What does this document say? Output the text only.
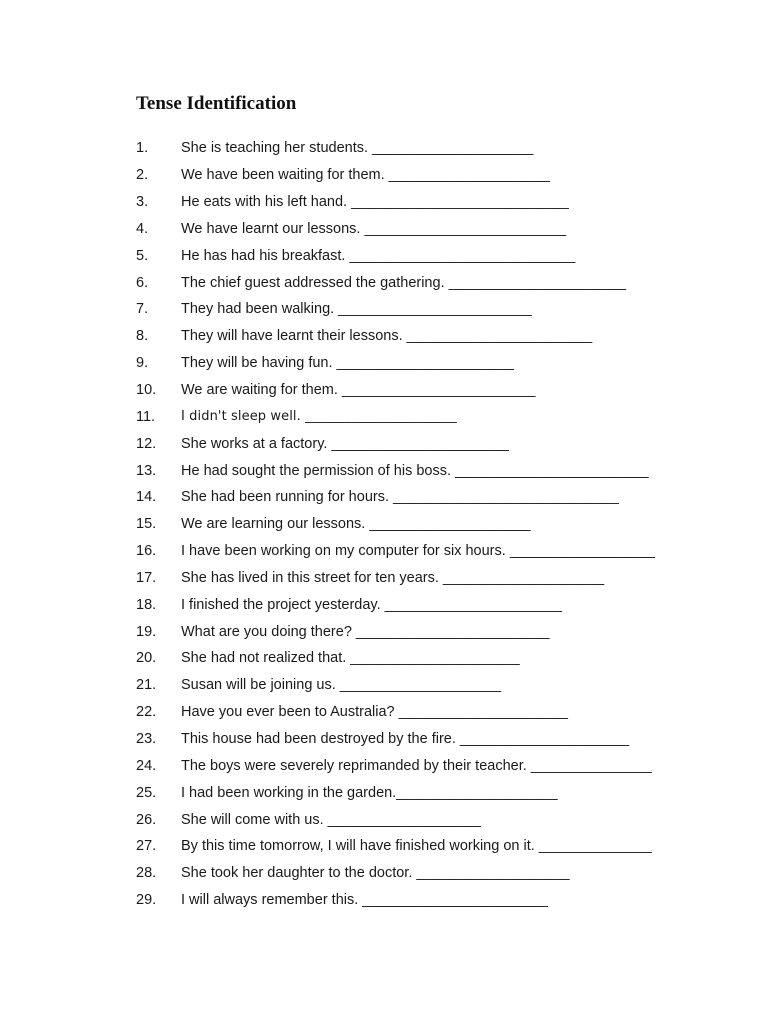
Tense Identification
1.	She is teaching her students. ____________________
2.	We have been waiting for them. ____________________
3.	He eats with his left hand. ___________________________
4.	We have learnt our lessons. _________________________
5.	He has had his breakfast. ____________________________
6.	The chief guest addressed the gathering. ______________________
7.	They had been walking. ________________________
8.	They will have learnt their lessons. _______________________
9.	They will be having fun. ______________________
10.	We are waiting for them. ________________________
11.	I didn't sleep well. _______________________
12.	She works at a factory. ______________________
13.	He had sought the permission of his boss. ________________________
14.	She had been running for hours. ____________________________
15.	We are learning our lessons. ____________________
16.	I have been working on my computer for six hours. __________________
17.	She has lived in this street for ten years. ____________________
18.	I finished the project yesterday. ______________________
19.	What are you doing there? ________________________
20.	She had not realized that. _____________________
21.	Susan will be joining us. ____________________
22.	Have you ever been to Australia? _____________________
23.	This house had been destroyed by the fire. _____________________
24.	The boys were severely reprimanded by their teacher. _______________
25.	I had been working in the garden.____________________
26.	She will come with us. ___________________
27.	By this time tomorrow, I will have finished working on it. ______________
28.	She took her daughter to the doctor. ___________________
29.	I will always remember this. _______________________
